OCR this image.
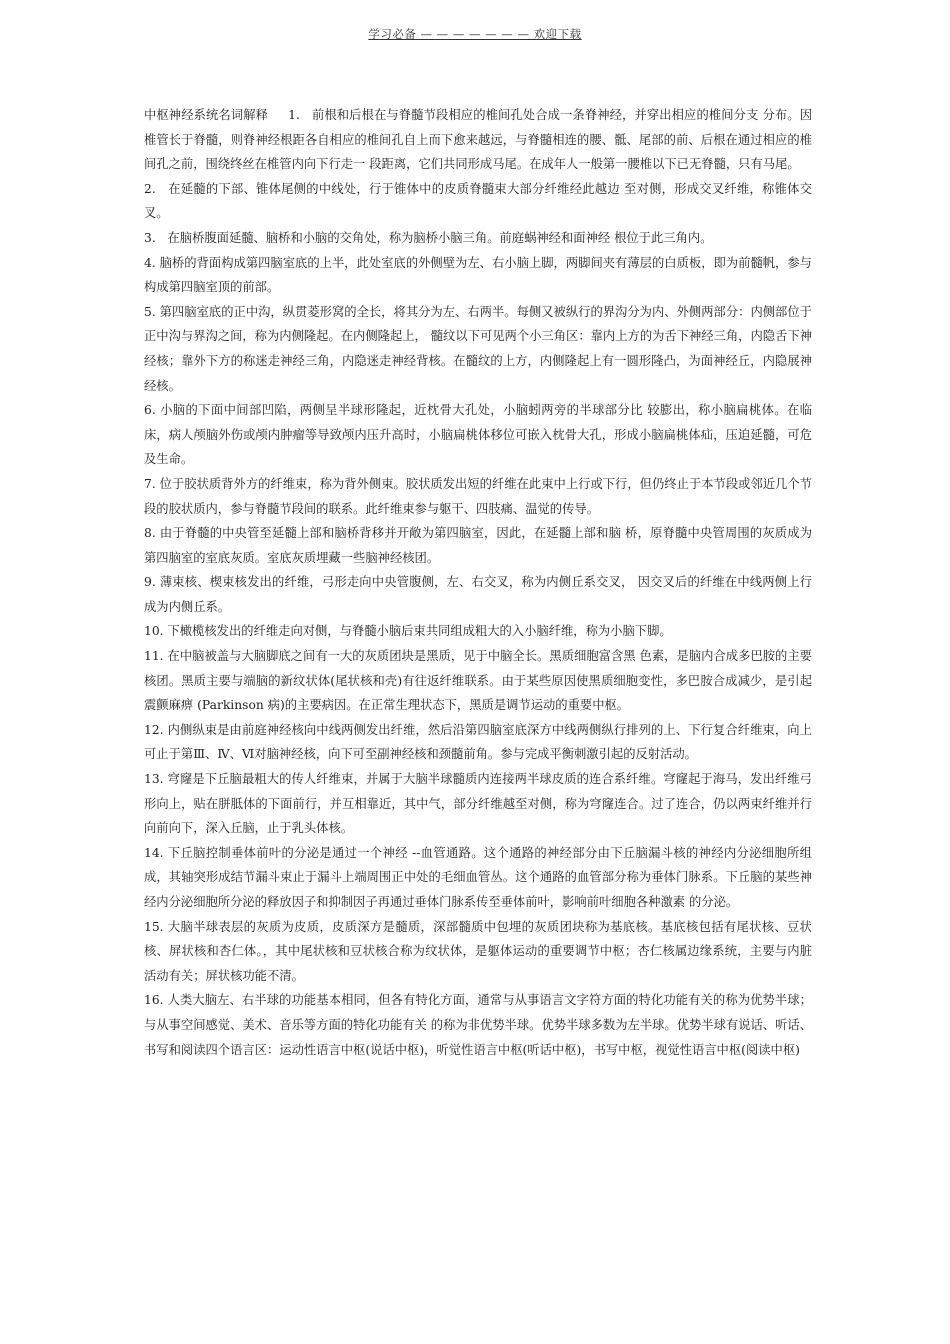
学习必备 — — — — — — — 欢迎下载

中枢神经系统名词解释 1. 前根和后根在与脊髓节段相应的椎间孔处合成一条脊神经，并穿出相应的椎间分支 分布。因椎管长于脊髓，则脊神经根距各自相应的椎间孔自上而下愈来越远，与脊髓相连的腰、骶、尾部的前、后根在通过相应的椎间孔之前，围绕终丝在椎管内向下行走一 段距离，它们共同形成马尾。在成年人一般第一腰椎以下已无脊髓，只有马尾。

2. 在延髓的下部、锥体尾侧的中线处，行于锥体中的皮质脊髓束大部分纤维经此越边 至对侧，形成交叉纤维，称锥体交叉。

3. 在脑桥腹面延髓、脑桥和小脑的交角处，称为脑桥小脑三角。前庭蜗神经和面神经 根位于此三角内。

4. 脑桥的背面构成第四脑室底的上半，此处室底的外侧壁为左、右小脑上脚，两脚间夹有薄层的白质板，即为前髓帆，参与构成第四脑室顶的前部。

5. 第四脑室底的正中沟，纵贯菱形窝的全长，将其分为左、右两半。每侧又被纵行的界沟分为内、外侧两部分：内侧部位于正中沟与界沟之间，称为内侧隆起。在内侧隆起上， 髓纹以下可见两个小三角区：靠内上方的为舌下神经三角，内隐舌下神经核；靠外下方的称迷走神经三角，内隐迷走神经背核。在髓纹的上方，内侧隆起上有一圆形隆凸，为面神经丘，内隐展神经核。

6. 小脑的下面中间部凹陷，两侧呈半球形隆起，近枕骨大孔处，小脑蚓两旁的半球部分比 较膨出，称小脑扁桃体。在临床，病人颅脑外伤或颅内肿瘤等导致颅内压升高时，小脑扁桃体移位可嵌入枕骨大孔，形成小脑扁桃体疝，压迫延髓，可危及生命。

7. 位于胶状质背外方的纤维束，称为背外侧束。胶状质发出短的纤维在此束中上行或下行，但仍终止于本节段或邻近几个节段的胶状质内，参与脊髓节段间的联系。此纤维束参与躯干、四肢痛、温觉的传导。

8. 由于脊髓的中央管至延髓上部和脑桥背移并开敞为第四脑室，因此，在延髓上部和脑 桥，原脊髓中央管周围的灰质成为第四脑室的室底灰质。室底灰质埋藏一些脑神经核团。

9. 薄束核、楔束核发出的纤维，弓形走向中央管腹侧，左、右交叉，称为内侧丘系交叉， 因交叉后的纤维在中线两侧上行成为内侧丘系。

10. 下橄榄核发出的纤维走向对侧，与脊髓小脑后束共同组成粗大的入小脑纤维，称为小脑下脚。

11. 在中脑被盖与大脑脚底之间有一大的灰质团块是黑质，见于中脑全长。黑质细胞富含黑 色素，是脑内合成多巴胺的主要核团。黑质主要与端脑的新纹状体(尾状核和壳)有往返纤维联系。由于某些原因使黑质细胞变性，多巴胺合成减少，是引起震颤麻痹 (Parkinson 病)的主要病因。在正常生理状态下，黑质是调节运动的重要中枢。

12. 内侧纵束是由前庭神经核向中线两侧发出纤维，然后沿第四脑室底深方中线两侧纵行排列的上、下行复合纤维束，向上可止于第Ⅲ、Ⅳ、Ⅵ对脑神经核，向下可至副神经核和颈髓前角。参与完成平衡刺激引起的反射活动。

13. 穹窿是下丘脑最粗大的传人纤维束，并属于大脑半球髓质内连接两半球皮质的连合系纤维。穹窿起于海马，发出纤维弓形向上，贴在胼胝体的下面前行，并互相靠近，其中气，部分纤维越至对侧，称为穹窿连合。过了连合，仍以两束纤维并行向前向下，深入丘脑，止于乳头体核。

14. 下丘脑控制垂体前叶的分泌是通过一个神经 --血管通路。这个通路的神经部分由下丘脑漏斗核的神经内分泌细胞所组成，其轴突形成结节漏斗束止于漏斗上端周围正中处的毛细血管丛。这个通路的血管部分称为垂体门脉系。下丘脑的某些神经内分泌细胞所分泌的释放因子和抑制因子再通过垂体门脉系传至垂体前叶，影响前叶细胞各种激素 的分泌。

15. 大脑半球表层的灰质为皮质，皮质深方是髓质，深部髓质中包埋的灰质团块称为基底核。基底核包括有尾状核、豆状核、屏状核和杏仁体。，其中尾状核和豆状核合称为纹状体，是躯体运动的重要调节中枢；杏仁核属边缘系统，主要与内脏活动有关；屏状核功能不清。

16. 人类大脑左、右半球的功能基本相同，但各有特化方面，通常与从事语言文字符方面的特化功能有关的称为优势半球；与从事空间感觉、美术、音乐等方面的特化功能有关 的称为非优势半球。优势半球多数为左半球。优势半球有说话、听话、书写和阅读四个语言区：运动性语言中枢(说话中枢)，听觉性语言中枢(听话中枢)，书写中枢，视觉性语言中枢(阅读中枢)
